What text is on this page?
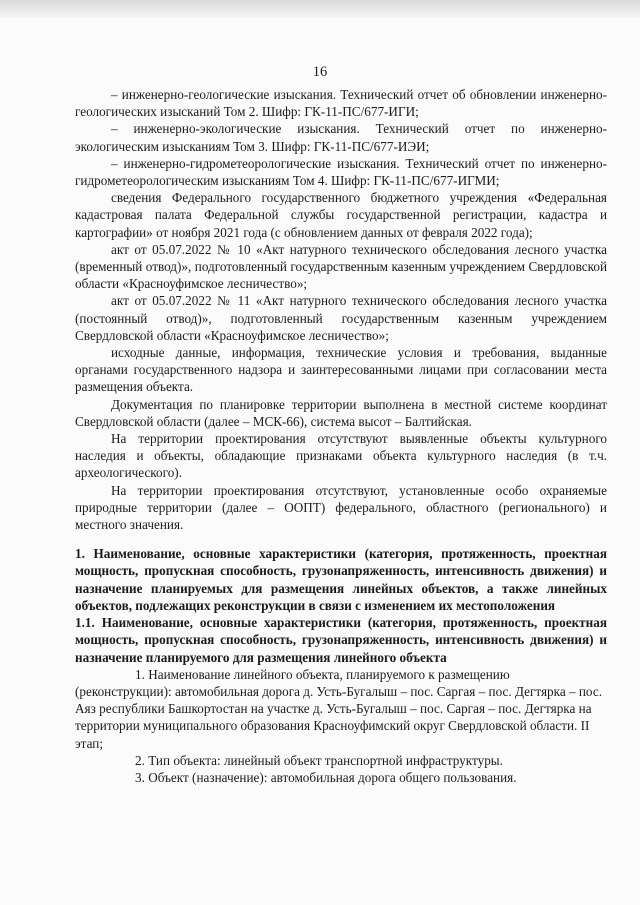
16

– инженерно-геологические изыскания. Технический отчет об обновлении инженерно-геологических изысканий Том 2. Шифр: ГК-11-ПС/677-ИГИ;

– инженерно-экологические изыскания. Технический отчет по инженерно-экологическим изысканиям Том 3. Шифр: ГК-11-ПС/677-ИЭИ;

– инженерно-гидрометеорологические изыскания. Технический отчет по инженерно-гидрометеорологическим изысканиям Том 4. Шифр: ГК-11-ПС/677-ИГМИ;

сведения Федерального государственного бюджетного учреждения «Федеральная кадастровая палата Федеральной службы государственной регистрации, кадастра и картографии» от ноября 2021 года (с обновлением данных от февраля 2022 года);

акт от 05.07.2022 № 10 «Акт натурного технического обследования лесного участка (временный отвод)», подготовленный государственным казенным учреждением Свердловской области «Красноуфимское лесничество»;

акт от 05.07.2022 № 11 «Акт натурного технического обследования лесного участка (постоянный отвод)», подготовленный государственным казенным учреждением Свердловской области «Красноуфимское лесничество»;

исходные данные, информация, технические условия и требования, выданные органами государственного надзора и заинтересованными лицами при согласовании места размещения объекта.

Документация по планировке территории выполнена в местной системе координат Свердловской области (далее – МСК-66), система высот – Балтийская.

На территории проектирования отсутствуют выявленные объекты культурного наследия и объекты, обладающие признаками объекта культурного наследия (в т.ч. археологического).

На территории проектирования отсутствуют, установленные особо охраняемые природные территории (далее – ООПТ) федерального, областного (регионального) и местного значения.

1. Наименование, основные характеристики (категория, протяженность, проектная мощность, пропускная способность, грузонапряженность, интенсивность движения) и назначение планируемых для размещения линейных объектов, а также линейных объектов, подлежащих реконструкции в связи с изменением их местоположения

1.1. Наименование, основные характеристики (категория, протяженность, проектная мощность, пропускная способность, грузонапряженность, интенсивность движения) и назначение планируемого для размещения линейного объекта

1. Наименование линейного объекта, планируемого к размещению (реконструкции): автомобильная дорога д. Усть-Бугалыш – пос. Саргая – пос. Дегтярка – пос. Аяз республики Башкортостан на участке д. Усть-Бугалыш – пос. Саргая – пос. Дегтярка на территории муниципального образования Красноуфимский округ Свердловской области. II этап;

2. Тип объекта: линейный объект транспортной инфраструктуры.

3. Объект (назначение): автомобильная дорога общего пользования.
